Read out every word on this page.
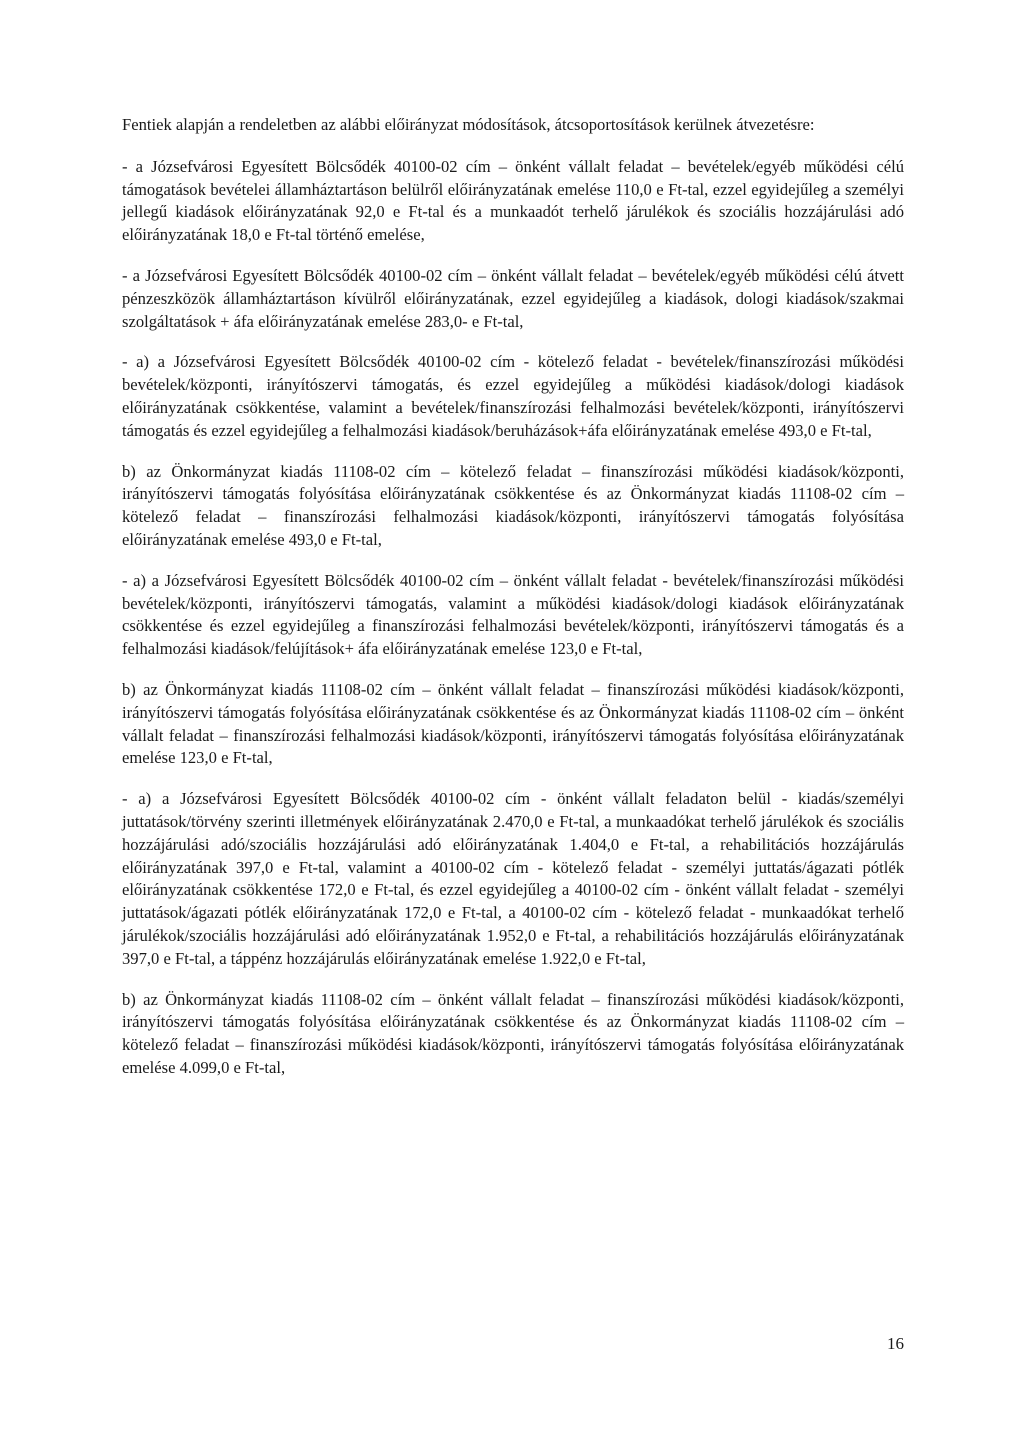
Fentiek alapján a rendeletben az alábbi előirányzat módosítások, átcsoportosítások kerülnek átvezetésre:

- a Józsefvárosi Egyesített Bölcsődék 40100-02 cím – önként vállalt feladat – bevételek/egyéb működési célú támogatások bevételei államháztartáson belülről előirányzatának emelése 110,0 e Ft-tal, ezzel egyidejűleg a személyi jellegű kiadások előirányzatának 92,0 e Ft-tal és a munkaadót terhelő járulékok és szociális hozzájárulási adó előirányzatának 18,0 e Ft-tal történő emelése,

- a Józsefvárosi Egyesített Bölcsődék 40100-02 cím – önként vállalt feladat – bevételek/egyéb működési célú átvett pénzeszközök államháztartáson kívülről előirányzatának, ezzel egyidejűleg a kiadások, dologi kiadások/szakmai szolgáltatások + áfa előirányzatának emelése 283,0- e Ft-tal,

- a) a Józsefvárosi Egyesített Bölcsődék 40100-02 cím - kötelező feladat - bevételek/finanszírozási működési bevételek/központi, irányítószervi támogatás, és ezzel egyidejűleg a működési kiadások/dologi kiadások előirányzatának csökkentése, valamint a bevételek/finanszírozási felhalmozási bevételek/központi, irányítószervi támogatás és ezzel egyidejűleg a felhalmozási kiadások/beruházások+áfa előirányzatának emelése 493,0 e Ft-tal,

b) az Önkormányzat kiadás 11108-02 cím – kötelező feladat – finanszírozási működési kiadások/központi, irányítószervi támogatás folyósítása előirányzatának csökkentése és az Önkormányzat kiadás 11108-02 cím – kötelező feladat – finanszírozási felhalmozási kiadások/központi, irányítószervi támogatás folyósítása előirányzatának emelése 493,0 e Ft-tal,

- a) a Józsefvárosi Egyesített Bölcsődék 40100-02 cím – önként vállalt feladat - bevételek/finanszírozási működési bevételek/központi, irányítószervi támogatás, valamint a működési kiadások/dologi kiadások előirányzatának csökkentése és ezzel egyidejűleg a finanszírozási felhalmozási bevételek/központi, irányítószervi támogatás és a felhalmozási kiadások/felújítások+ áfa előirányzatának emelése 123,0 e Ft-tal,

b) az Önkormányzat kiadás 11108-02 cím – önként vállalt feladat – finanszírozási működési kiadások/központi, irányítószervi támogatás folyósítása előirányzatának csökkentése és az Önkormányzat kiadás 11108-02 cím – önként vállalt feladat – finanszírozási felhalmozási kiadások/központi, irányítószervi támogatás folyósítása előirányzatának emelése 123,0 e Ft-tal,

- a) a Józsefvárosi Egyesített Bölcsődék 40100-02 cím - önként vállalt feladaton belül - kiadás/személyi juttatások/törvény szerinti illetmények előirányzatának 2.470,0 e Ft-tal, a munkaadókat terhelő járulékok és szociális hozzájárulási adó/szociális hozzájárulási adó előirányzatának 1.404,0 e Ft-tal, a rehabilitációs hozzájárulás előirányzatának 397,0 e Ft-tal, valamint a 40100-02 cím - kötelező feladat - személyi juttatás/ágazati pótlék előirányzatának csökkentése 172,0 e Ft-tal, és ezzel egyidejűleg a 40100-02 cím - önként vállalt feladat - személyi juttatások/ágazati pótlék előirányzatának 172,0 e Ft-tal, a 40100-02 cím - kötelező feladat - munkaadókat terhelő járulékok/szociális hozzájárulási adó előirányzatának 1.952,0 e Ft-tal, a rehabilitációs hozzájárulás előirányzatának 397,0 e Ft-tal, a táppénz hozzájárulás előirányzatának emelése 1.922,0 e Ft-tal,

b) az Önkormányzat kiadás 11108-02 cím – önként vállalt feladat – finanszírozási működési kiadások/központi, irányítószervi támogatás folyósítása előirányzatának csökkentése és az Önkormányzat kiadás 11108-02 cím – kötelező feladat – finanszírozási működési kiadások/központi, irányítószervi támogatás folyósítása előirányzatának emelése 4.099,0 e Ft-tal,

16
